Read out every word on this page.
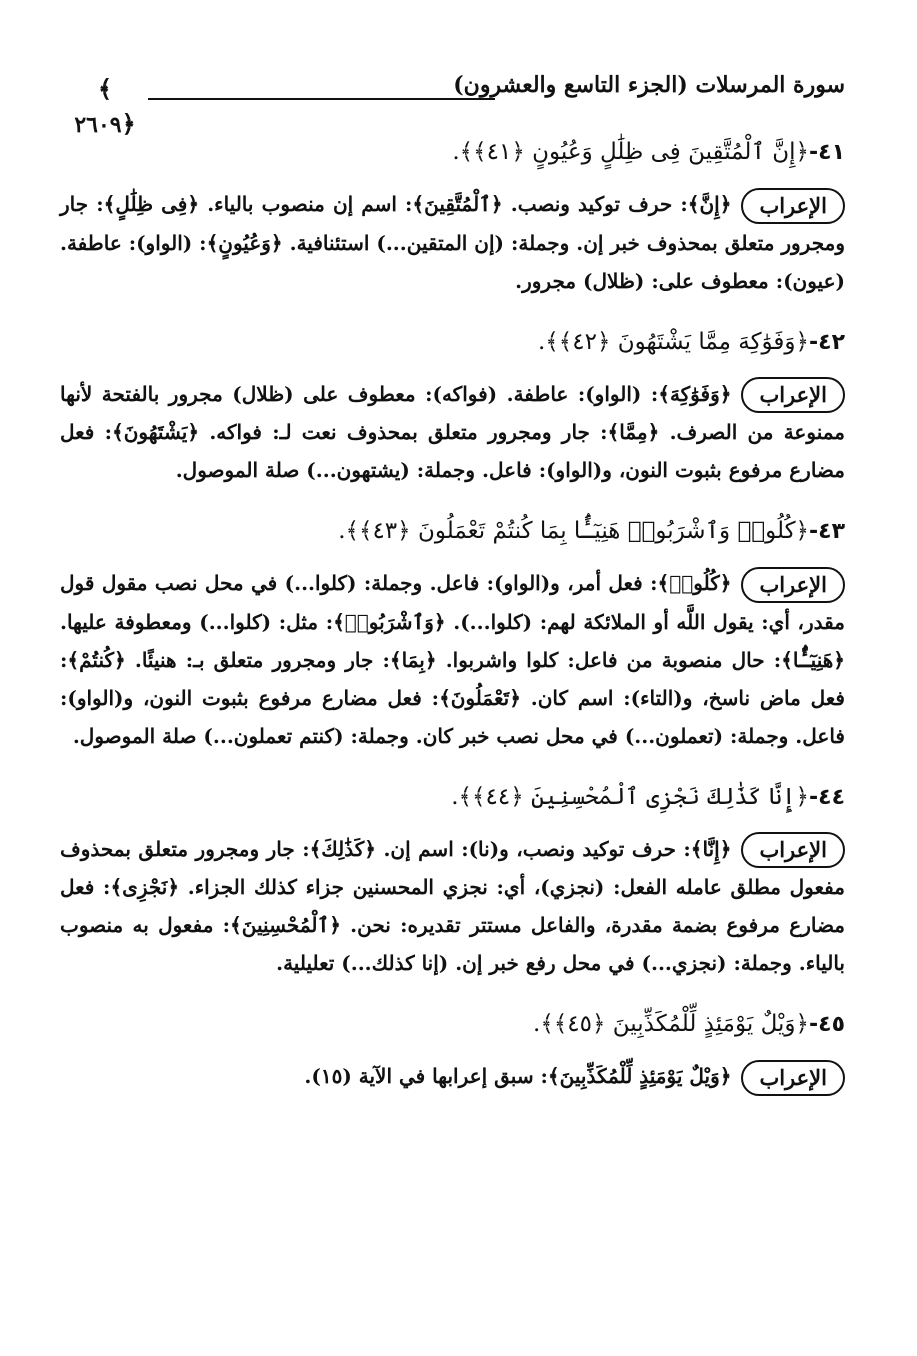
سورة المرسلات (الجزء التاسع والعشرون)
﴾٢٦٠٩﴿
٤١-﴿إِنَّ ٱلْمُتَّقِينَ فِى ظِلَٰلٍ وَعُيُونٍ ﴿٤١﴾﴾.
الإعراب﴿إِنَّ﴾: حرف توكيد ونصب. ﴿ٱلْمُتَّقِينَ﴾: اسم إن منصوب بالياء. ﴿فِى ظِلَٰلٍ﴾: جار ومجرور متعلق بمحذوف خبر إن. وجملة: (إن المتقين...) استئنافية. ﴿وَعُيُونٍ﴾: (الواو): عاطفة. (عيون): معطوف على: (ظلال) مجرور.
٤٢-﴿وَفَوَٰكِهَ مِمَّا يَشْتَهُونَ ﴿٤٢﴾﴾.
الإعراب﴿وَفَوَٰكِهَ﴾: (الواو): عاطفة. (فواكه): معطوف على (ظلال) مجرور بالفتحة لأنها ممنوعة من الصرف. ﴿مِمَّا﴾: جار ومجرور متعلق بمحذوف نعت لـ: فواكه. ﴿يَشْتَهُونَ﴾: فعل مضارع مرفوع بثبوت النون، و(الواو): فاعل. وجملة: (يشتهون...) صلة الموصول.
٤٣-﴿كُلُوا۟ وَٱشْرَبُوا۟ هَنِيٓـًٔۢا بِمَا كُنتُمْ تَعْمَلُونَ ﴿٤٣﴾﴾.
الإعراب﴿كُلُوا۟﴾: فعل أمر، و(الواو): فاعل. وجملة: (كلوا...) في محل نصب مقول قول مقدر، أي: يقول اللَّه أو الملائكة لهم: (كلوا...). ﴿وَٱشْرَبُوا۟﴾: مثل: (كلوا...) ومعطوفة عليها. ﴿هَنِيٓـًٔۢا﴾: حال منصوبة من فاعل: كلوا واشربوا. ﴿بِمَا﴾: جار ومجرور متعلق بـ: هنيئًا. ﴿كُنتُمْ﴾: فعل ماض ناسخ، و(التاء): اسم كان. ﴿تَعْمَلُونَ﴾: فعل مضارع مرفوع بثبوت النون، و(الواو): فاعل. وجملة: (تعملون...) في محل نصب خبر كان. وجملة: (كنتم تعملون...) صلة الموصول.
٤٤-﴿إِنَّا كَذَٰلِكَ نَجْزِى ٱلْمُحْسِنِينَ ﴿٤٤﴾﴾.
الإعراب﴿إِنَّا﴾: حرف توكيد ونصب، و(نا): اسم إن. ﴿كَذَٰلِكَ﴾: جار ومجرور متعلق بمحذوف مفعول مطلق عامله الفعل: (نجزي)، أي: نجزي المحسنين جزاء كذلك الجزاء. ﴿نَجْزِى﴾: فعل مضارع مرفوع بضمة مقدرة، والفاعل مستتر تقديره: نحن. ﴿ٱلْمُحْسِنِينَ﴾: مفعول به منصوب بالياء. وجملة: (نجزي...) في محل رفع خبر إن. (إنا كذلك...) تعليلية.
٤٥-﴿وَيْلٌ يَوْمَئِذٍ لِّلْمُكَذِّبِينَ ﴿٤٥﴾﴾.
الإعراب﴿وَيْلٌ يَوْمَئِذٍ لِّلْمُكَذِّبِينَ﴾: سبق إعرابها في الآية (١٥).
